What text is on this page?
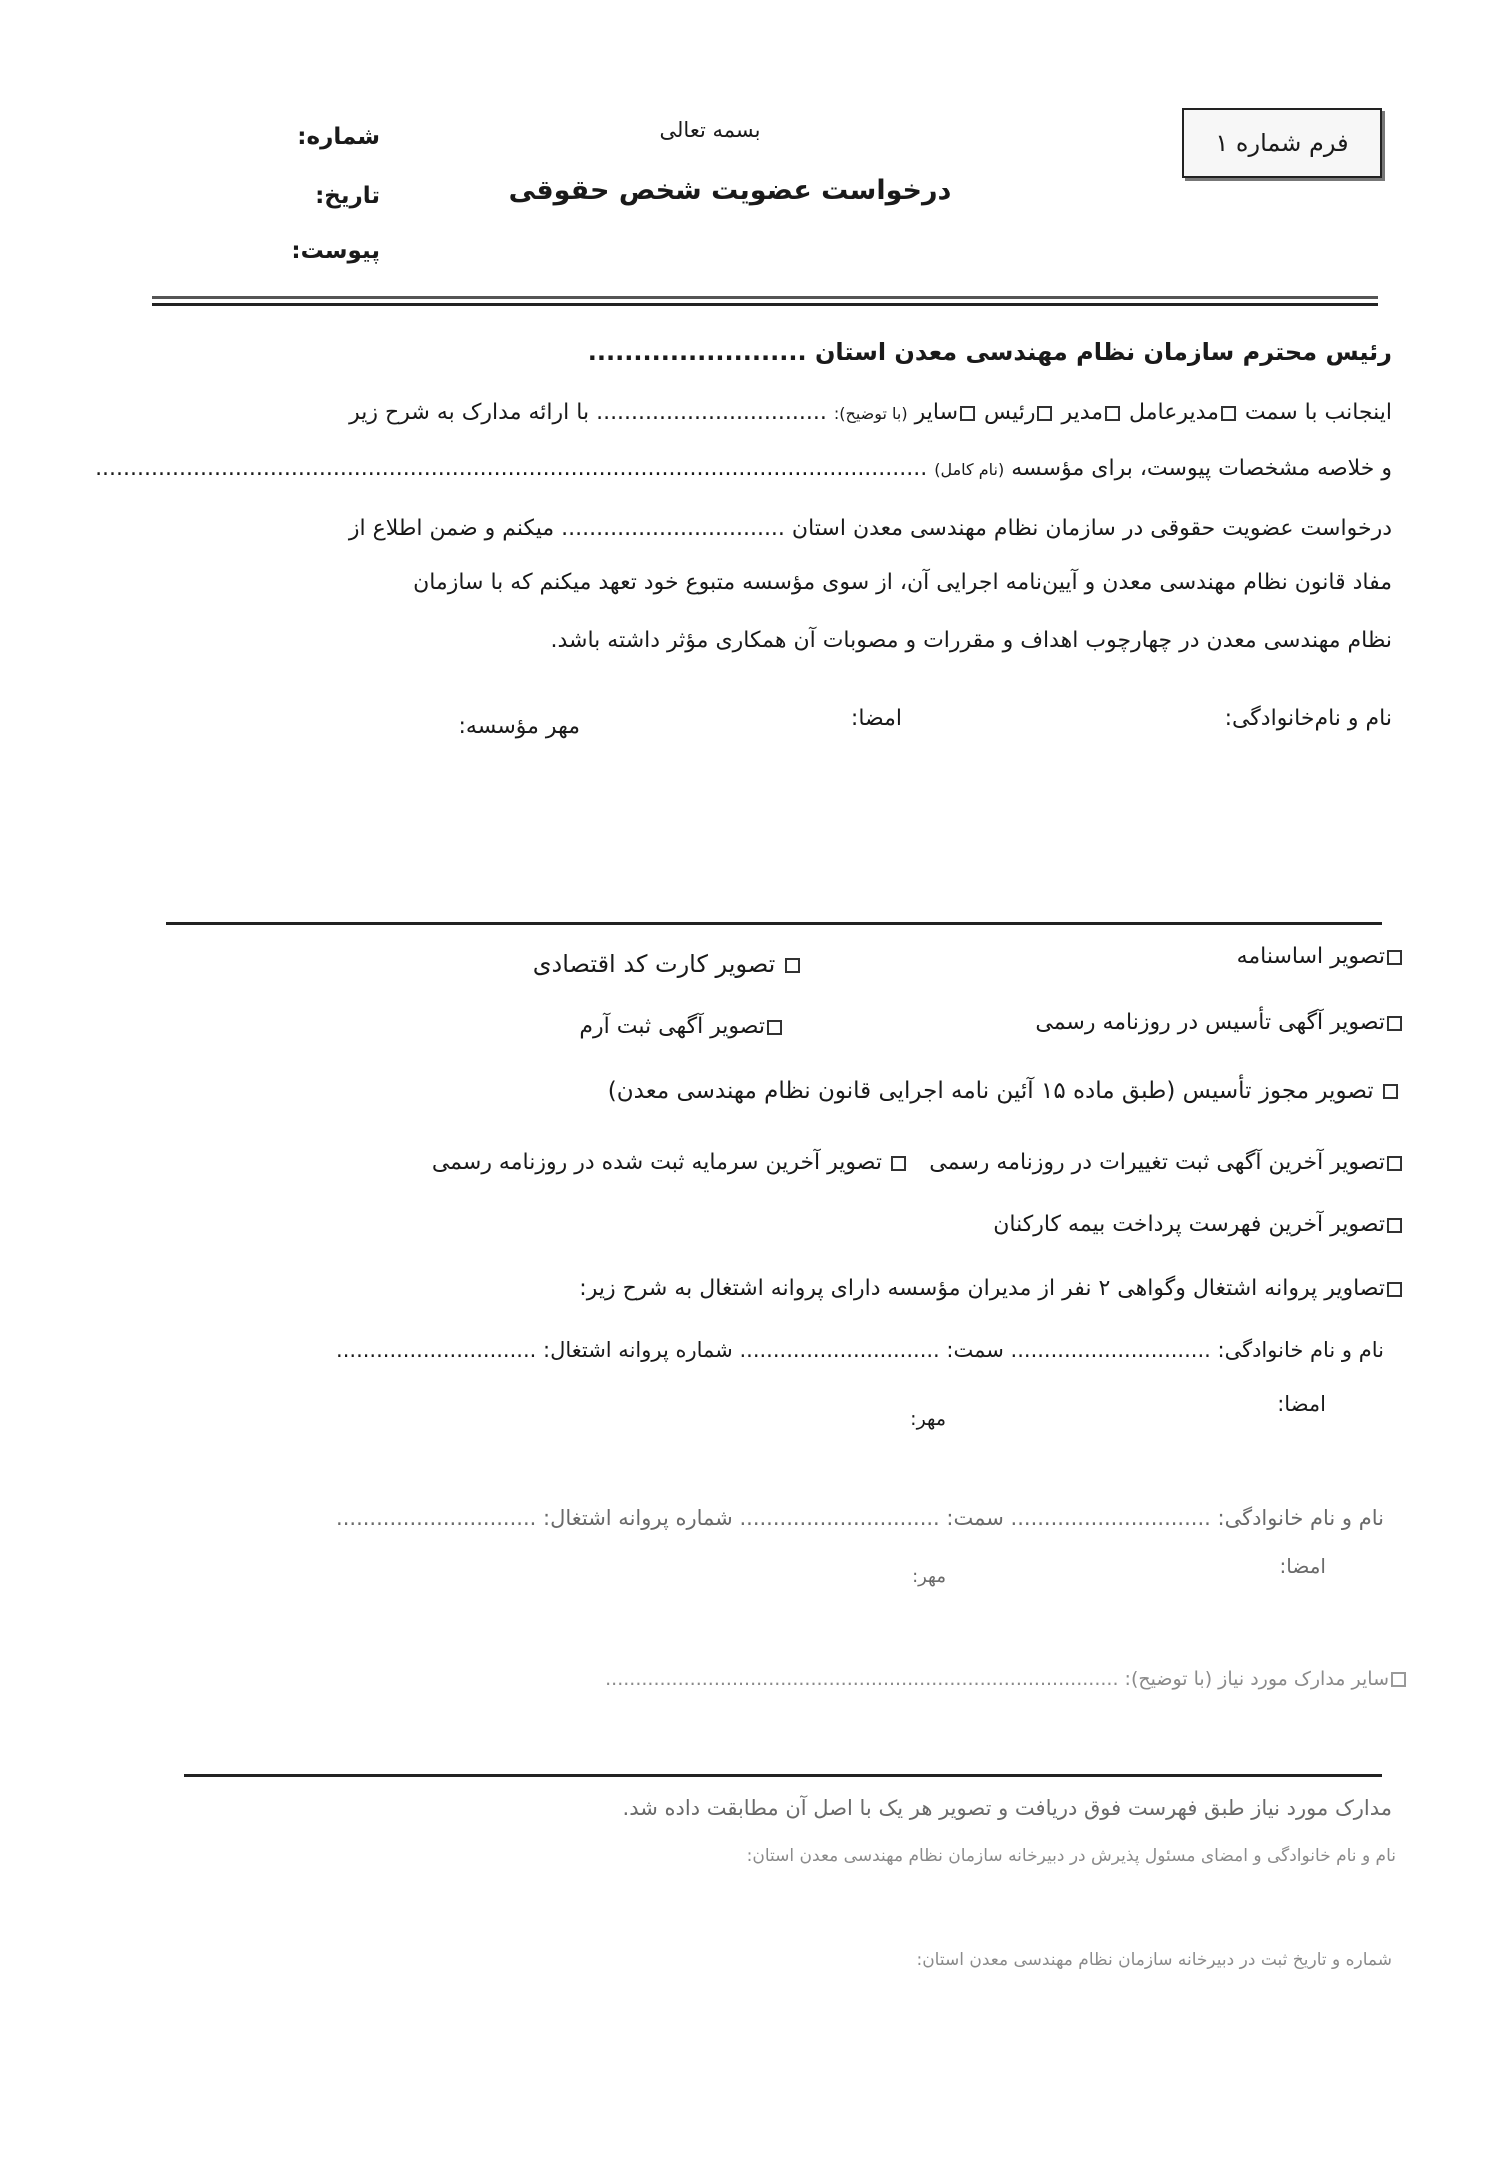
فرم شماره ۱
بسمه تعالی
درخواست عضویت شخص حقوقی
شماره:
تاریخ:
پیوست:
رئیس محترم سازمان نظام مهندسی معدن استان ........................
اینجانب با سمت مدیرعامل مدیر رئیس سایر (با توضیح): ................................. با ارائه مدارک به شرح زیر
و خلاصه مشخصات پیوست، برای مؤسسه (نام کامل) .......................................................................................................................
درخواست عضویت حقوقی در سازمان نظام مهندسی معدن استان ................................ میکنم و ضمن اطلاع از
مفاد قانون نظام مهندسی معدن و آیین‌نامه اجرایی آن، از سوی مؤسسه متبوع خود تعهد میکنم که با سازمان
نظام مهندسی معدن در چهارچوب اهداف و مقررات و مصوبات آن همکاری مؤثر داشته باشد.
نام و نام‌خانوادگی:
امضا:
مهر مؤسسه:
تصویر اساسنامه
تصویر کارت کد اقتصادی
تصویر آگهی تأسیس در روزنامه رسمی
تصویر آگهی ثبت آرم
تصویر مجوز تأسیس (طبق ماده ۱۵ آئین نامه اجرایی قانون نظام مهندسی معدن)
تصویر آخرین آگهی ثبت تغییرات در روزنامه رسمی
تصویر آخرین سرمایه ثبت شده در روزنامه رسمی
تصویر آخرین فهرست پرداخت بیمه کارکنان
تصاویر پروانه اشتغال وگواهی ۲ نفر از مدیران مؤسسه دارای پروانه اشتغال به شرح زیر:
نام و نام خانوادگی: .............................. سمت: .............................. شماره پروانه اشتغال: ..............................
امضا:
مهر:
نام و نام خانوادگی: .............................. سمت: .............................. شماره پروانه اشتغال: ..............................
امضا:
مهر:
سایر مدارک مورد نیاز (با توضیح): .....................................................................................
مدارک مورد نیاز طبق فهرست فوق دریافت و تصویر هر یک با اصل آن مطابقت داده شد.
نام و نام خانوادگی و امضای مسئول پذیرش در دبیرخانه سازمان نظام مهندسی معدن استان:
شماره و تاریخ ثبت در دبیرخانه سازمان نظام مهندسی معدن استان:
